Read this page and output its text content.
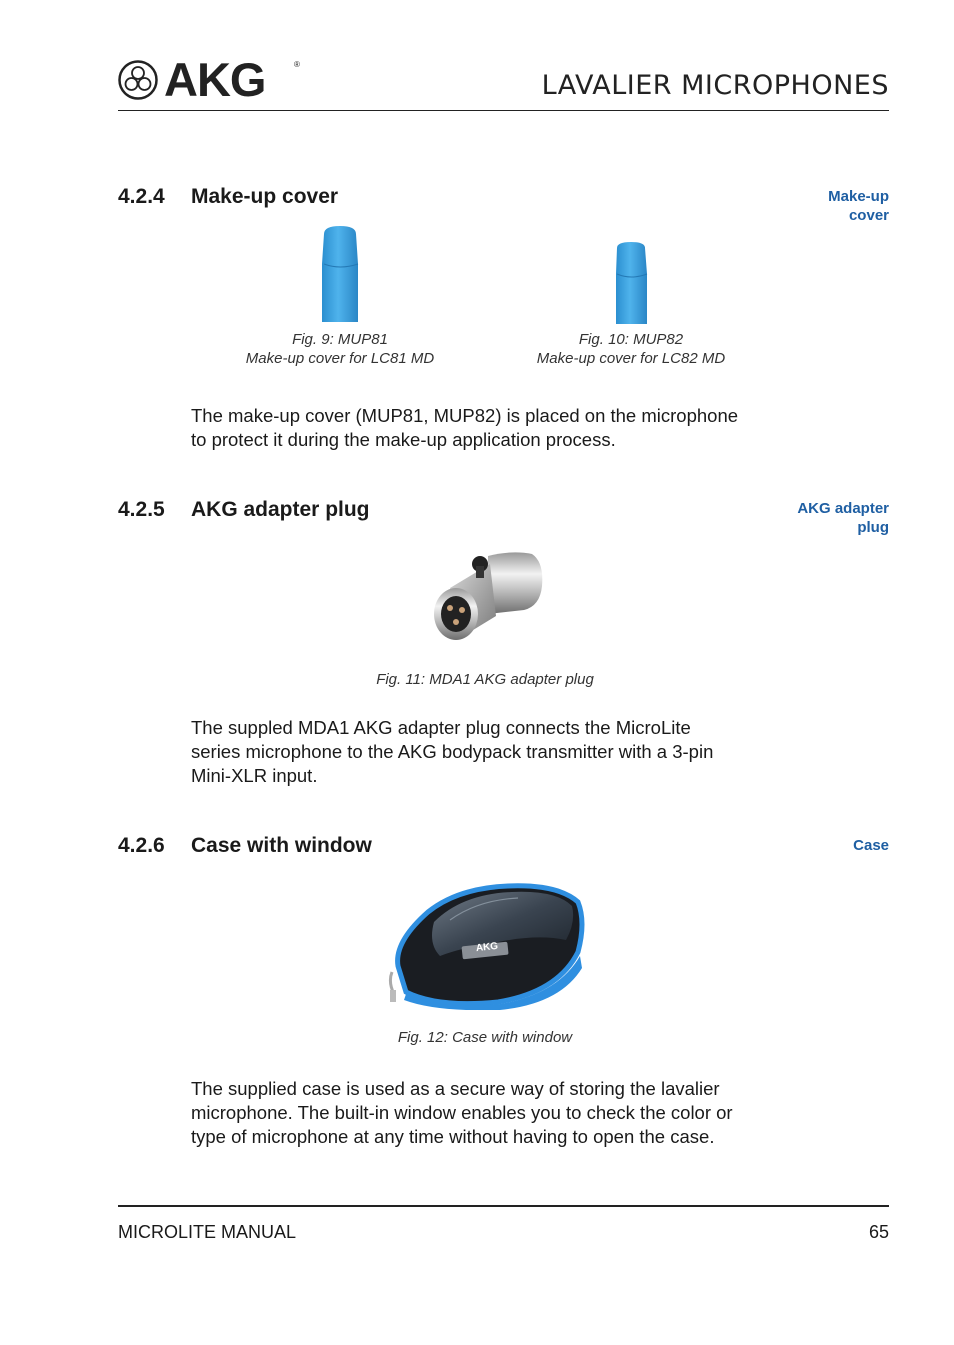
AKG	®
LAVALIER MICROPHONES
4.2.4 Make-up cover	Make-up
cover
Fig. 9: MUP81
Make-up cover for LC81 MD
Fig. 10: MUP82
Make-up cover for LC82 MD
The make-up cover (MUP81, MUP82) is placed on the microphone
to protect it during the make-up application process.
4.2.5 AKG adapter plug	AKG adapter
plug
Fig. 11: MDA1 AKG adapter plug
The suppled MDA1 AKG adapter plug connects the MicroLite
series microphone to the AKG bodypack transmitter with a 3-pin
Mini-XLR input.
4.2.6 Case with window	Case
AKG
Fig. 12: Case with window
The supplied case is used as a secure way of storing the lavalier
microphone. The built-in window enables you to check the color or
type of microphone at any time without having to open the case.
MICROLITE MANUAL	65
